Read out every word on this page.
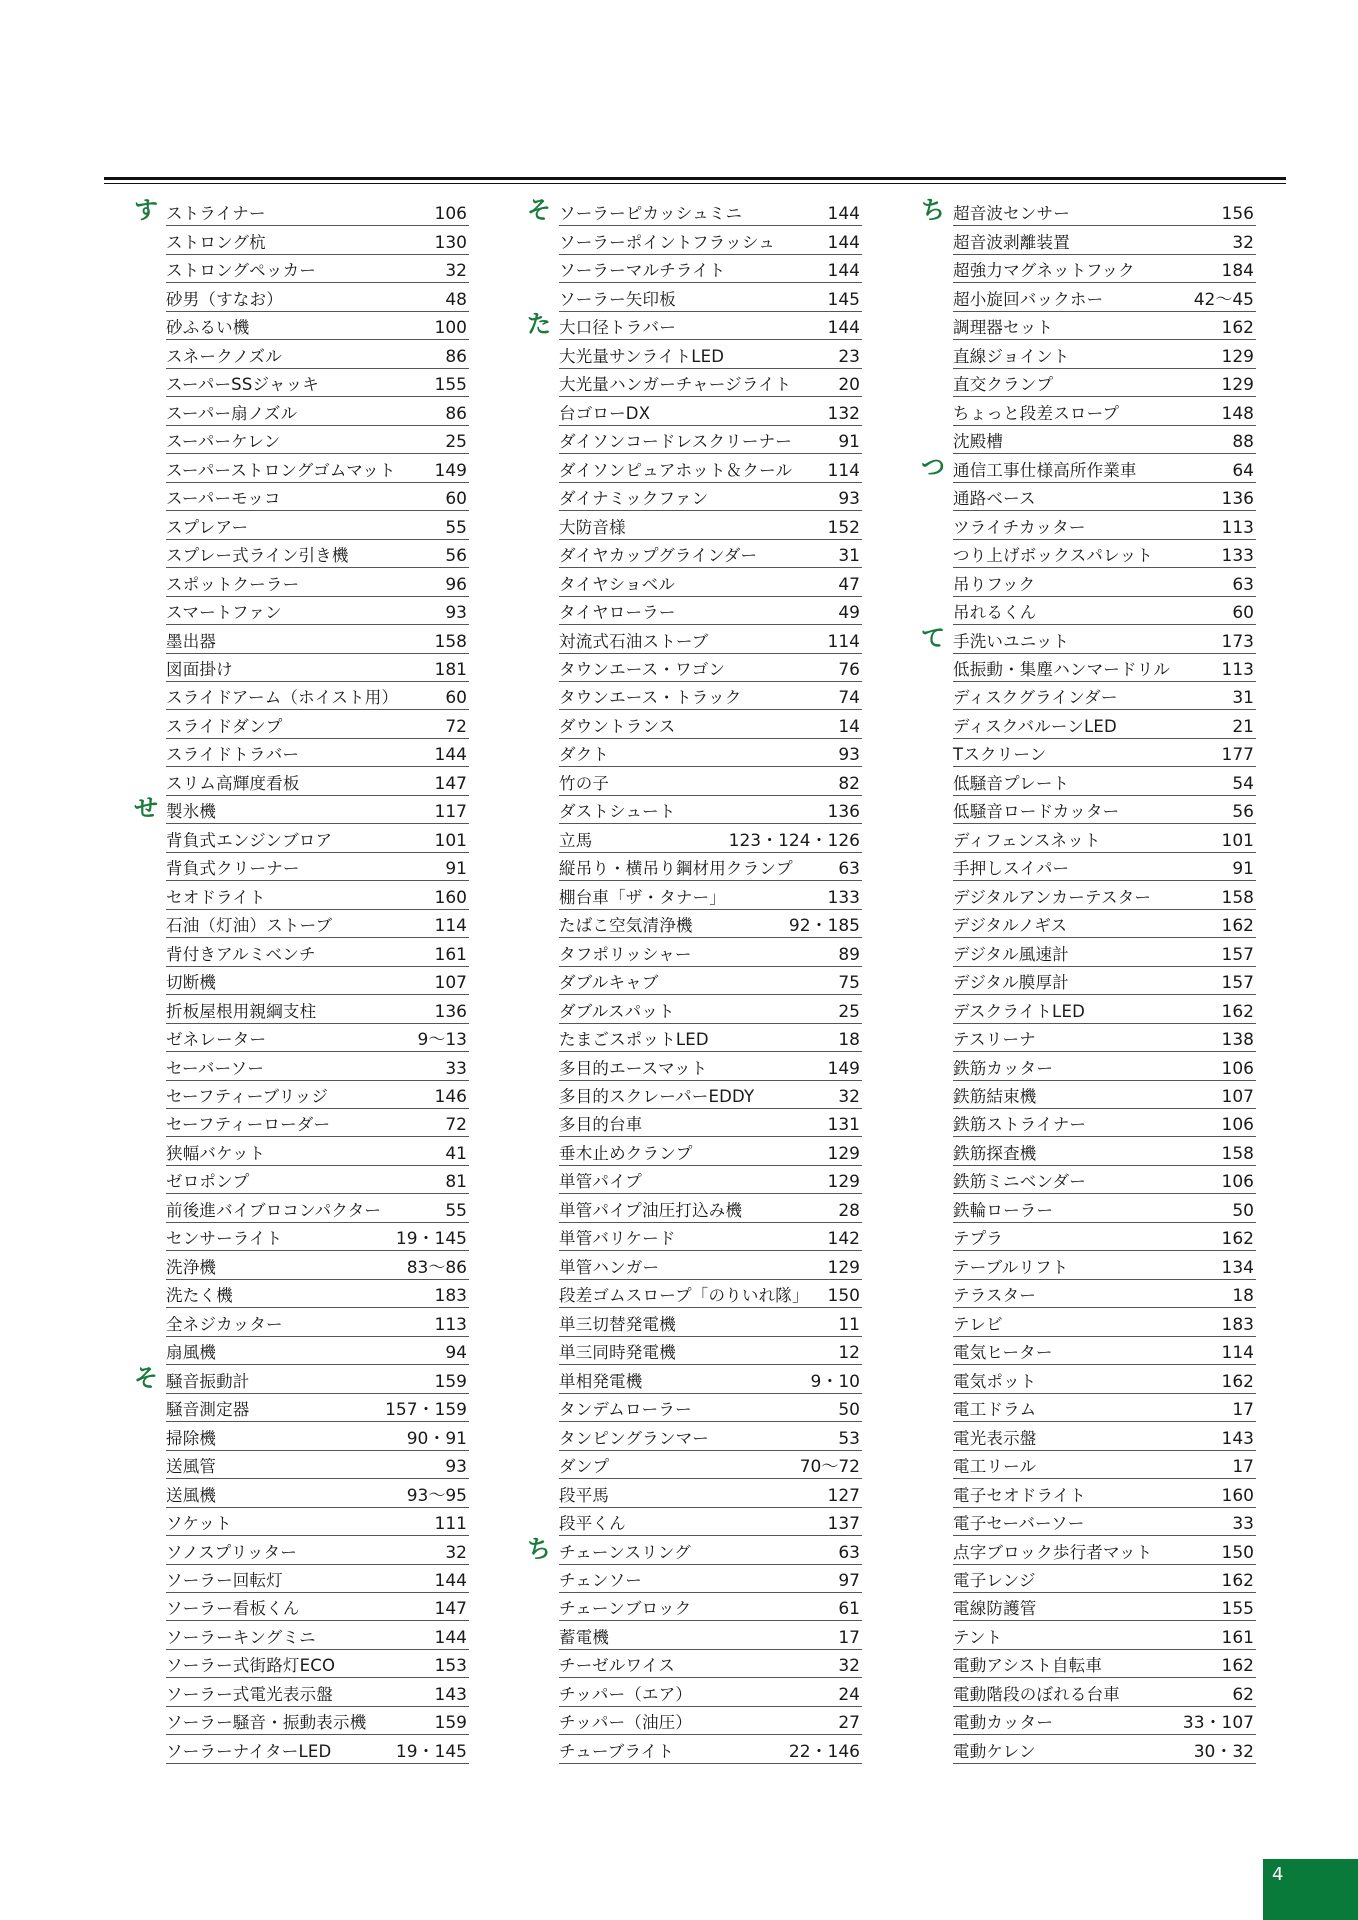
す ストライナー	106
ストロング杭	130
ストロングペッカー	32
砂男（すなお）	48
砂ふるい機	100
スネークノズル	86
スーパーSSジャッキ	155
スーパー扇ノズル	86
スーパーケレン	25
スーパーストロングゴムマット 149
スーパーモッコ	60
スプレアー	55
スプレー式ライン引き機	56
スポットクーラー	96
スマートファン	93
墨出器	158
図面掛け	181
スライドアーム（ホイスト用）	60
スライドダンプ	72
スライドトラバー	144
スリム高輝度看板	147
せ 製氷機	117
背負式エンジンブロア	101
背負式クリーナー	91
セオドライト	160
石油（灯油）ストーブ	114
背付きアルミベンチ	161
切断機	107
折板屋根用親綱支柱	136
ゼネレーター	9〜13
セーバーソー	33
セーフティーブリッジ	146
セーフティーローダー	72
狭幅バケット	41
ゼロポンプ	81
前後進バイブロコンパクター	55
センサーライト	19・145
洗浄機	83〜86
洗たく機	183
全ネジカッター	113
扇風機	94
そ 騒音振動計	159
騒音測定器	157・159
掃除機	90・91
送風管	93
送風機	93〜95
ソケット	111
ソノスプリッター	32
ソーラー回転灯	144
ソーラー看板くん	147
ソーラーキングミニ	144
ソーラー式街路灯ECO	153
ソーラー式電光表示盤	143
ソーラー騒音・振動表示機	159
ソーラーナイターLED	19・145
そ ソーラーピカッシュミニ	144
ソーラーポイントフラッシュ	144
ソーラーマルチライト	144
ソーラー矢印板	145
た 大口径トラバー	144
大光量サンライトLED	23
大光量ハンガーチャージライト	20
台ゴローDX	132
ダイソンコードレスクリーナー	91
ダイソンピュアホット＆クール 114
ダイナミックファン	93
大防音様	152
ダイヤカップグラインダー	31
タイヤショベル	47
タイヤローラー	49
対流式石油ストーブ	114
タウンエース・ワゴン	76
タウンエース・トラック	74
ダウントランス	14
ダクト	93
竹の子	82
ダストシュート	136
立馬	123・124・126
縦吊り・横吊り鋼材用クランプ	63
棚台車「ザ・タナー」	133
たばこ空気清浄機	92・185
タフポリッシャー	89
ダブルキャブ	75
ダブルスパット	25
たまごスポットLED	18
多目的エースマット	149
多目的スクレーパーEDDY	32
多目的台車	131
垂木止めクランプ	129
単管パイプ	129
単管パイプ油圧打込み機	28
単管バリケード	142
単管ハンガー	129
段差ゴムスロープ「のりいれ隊」 150
単三切替発電機	11
単三同時発電機	12
単相発電機	9・10
タンデムローラー	50
タンピングランマー	53
ダンプ	70〜72
段平馬	127
段平くん	137
ち チェーンスリング	63
チェンソー	97
チェーンブロック	61
蓄電機	17
チーゼルワイス	32
チッパー（エア）	24
チッパー（油圧）	27
チューブライト	22・146
ち 超音波センサー	156
超音波剥離装置	32
超強力マグネットフック	184
超小旋回バックホー	42〜45
調理器セット	162
直線ジョイント	129
直交クランプ	129
ちょっと段差スロープ	148
沈殿槽	88
つ 通信工事仕様高所作業車	64
通路ベース	136
ツライチカッター	113
つり上げボックスパレット	133
吊りフック	63
吊れるくん	60
て 手洗いユニット	173
低振動・集塵ハンマードリル	113
ディスクグラインダー	31
ディスクバルーンLED	21
Tスクリーン	177
低騒音プレート	54
低騒音ロードカッター	56
ディフェンスネット	101
手押しスイパー	91
デジタルアンカーテスター	158
デジタルノギス	162
デジタル風速計	157
デジタル膜厚計	157
デスクライトLED	162
テスリーナ	138
鉄筋カッター	106
鉄筋結束機	107
鉄筋ストライナー	106
鉄筋探査機	158
鉄筋ミニベンダー	106
鉄輪ローラー	50
テプラ	162
テーブルリフト	134
テラスター	18
テレビ	183
電気ヒーター	114
電気ポット	162
電工ドラム	17
電光表示盤	143
電工リール	17
電子セオドライト	160
電子セーバーソー	33
点字ブロック歩行者マット	150
電子レンジ	162
電線防護管	155
テント	161
電動アシスト自転車	162
電動階段のぼれる台車	62
電動カッター	33・107
電動ケレン	30・32
4
